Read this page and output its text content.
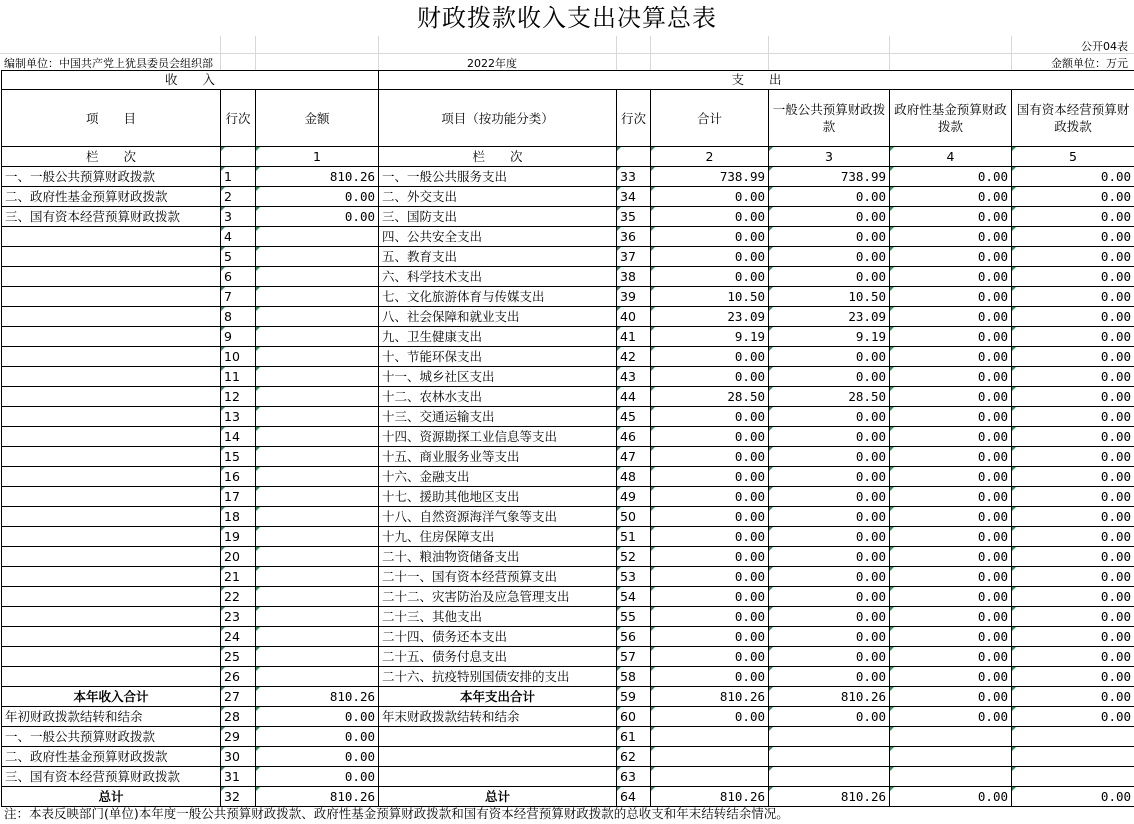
财政拨款收入支出决算总表
公开04表
编制单位：中国共产党上犹县委员会组织部	2022年度	金额单位：万元
收　　入			支　　出					
项　　目	行次	金额	项目（按功能分类）	行次	合计	一般公共预算财政拨款	政府性基金预算财政拨款	国有资本经营预算财政拨款
栏　　次		1	栏　　次		2	3	4	5
一、一般公共预算财政拨款	1	810.26	一、一般公共服务支出	33	738.99	738.99	0.00	0.00
二、政府性基金预算财政拨款	2	0.00	二、外交支出	34	0.00	0.00	0.00	0.00
三、国有资本经营预算财政拨款	3	0.00	三、国防支出	35	0.00	0.00	0.00	0.00
	4		四、公共安全支出	36	0.00	0.00	0.00	0.00
	5		五、教育支出	37	0.00	0.00	0.00	0.00
	6		六、科学技术支出	38	0.00	0.00	0.00	0.00
	7		七、文化旅游体育与传媒支出	39	10.50	10.50	0.00	0.00
	8		八、社会保障和就业支出	40	23.09	23.09	0.00	0.00
	9		九、卫生健康支出	41	9.19	9.19	0.00	0.00
	10		十、节能环保支出	42	0.00	0.00	0.00	0.00
	11		十一、城乡社区支出	43	0.00	0.00	0.00	0.00
	12		十二、农林水支出	44	28.50	28.50	0.00	0.00
	13		十三、交通运输支出	45	0.00	0.00	0.00	0.00
	14		十四、资源勘探工业信息等支出	46	0.00	0.00	0.00	0.00
	15		十五、商业服务业等支出	47	0.00	0.00	0.00	0.00
	16		十六、金融支出	48	0.00	0.00	0.00	0.00
	17		十七、援助其他地区支出	49	0.00	0.00	0.00	0.00
	18		十八、自然资源海洋气象等支出	50	0.00	0.00	0.00	0.00
	19		十九、住房保障支出	51	0.00	0.00	0.00	0.00
	20		二十、粮油物资储备支出	52	0.00	0.00	0.00	0.00
	21		二十一、国有资本经营预算支出	53	0.00	0.00	0.00	0.00
	22		二十二、灾害防治及应急管理支出	54	0.00	0.00	0.00	0.00
	23		二十三、其他支出	55	0.00	0.00	0.00	0.00
	24		二十四、债务还本支出	56	0.00	0.00	0.00	0.00
	25		二十五、债务付息支出	57	0.00	0.00	0.00	0.00
	26		二十六、抗疫特别国债安排的支出	58	0.00	0.00	0.00	0.00
本年收入合计	27	810.26	本年支出合计	59	810.26	810.26	0.00	0.00
年初财政拨款结转和结余	28	0.00	年末财政拨款结转和结余	60	0.00	0.00	0.00	0.00
一、一般公共预算财政拨款	29	0.00		61				
二、政府性基金预算财政拨款	30	0.00		62				
三、国有资本经营预算财政拨款	31	0.00		63				
总计	32	810.26	总计	64	810.26	810.26	0.00	0.00
注：本表反映部门(单位)本年度一般公共预算财政拨款、政府性基金预算财政拨款和国有资本经营预算财政拨款的总收支和年末结转结余情况。
